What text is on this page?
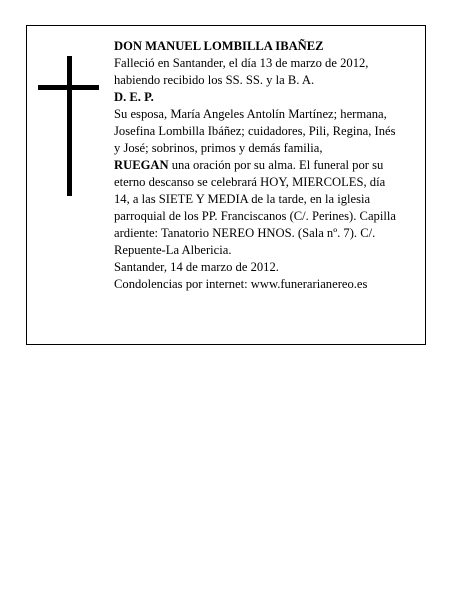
DON MANUEL LOMBILLA IBAÑEZ
Falleció en Santander, el día 13 de marzo de 2012,
habiendo recibido los SS. SS. y la B. A.
D. E. P.
Su esposa, María Angeles Antolín Martínez; hermana,
Josefina Lombilla Ibáñez; cuidadores, Pili, Regina, Inés
y José; sobrinos, primos y demás familia,
RUEGAN una oración por su alma. El funeral por su
eterno descanso se celebrará HOY, MIERCOLES, día
14, a las SIETE Y MEDIA de la tarde, en la iglesia
parroquial de los PP. Franciscanos (C/. Perines). Capilla
ardiente: Tanatorio NEREO HNOS. (Sala nº. 7). C/.
Repuente-La Albericia.
Santander, 14 de marzo de 2012.
Condolencias por internet: www.funerarianereo.es
